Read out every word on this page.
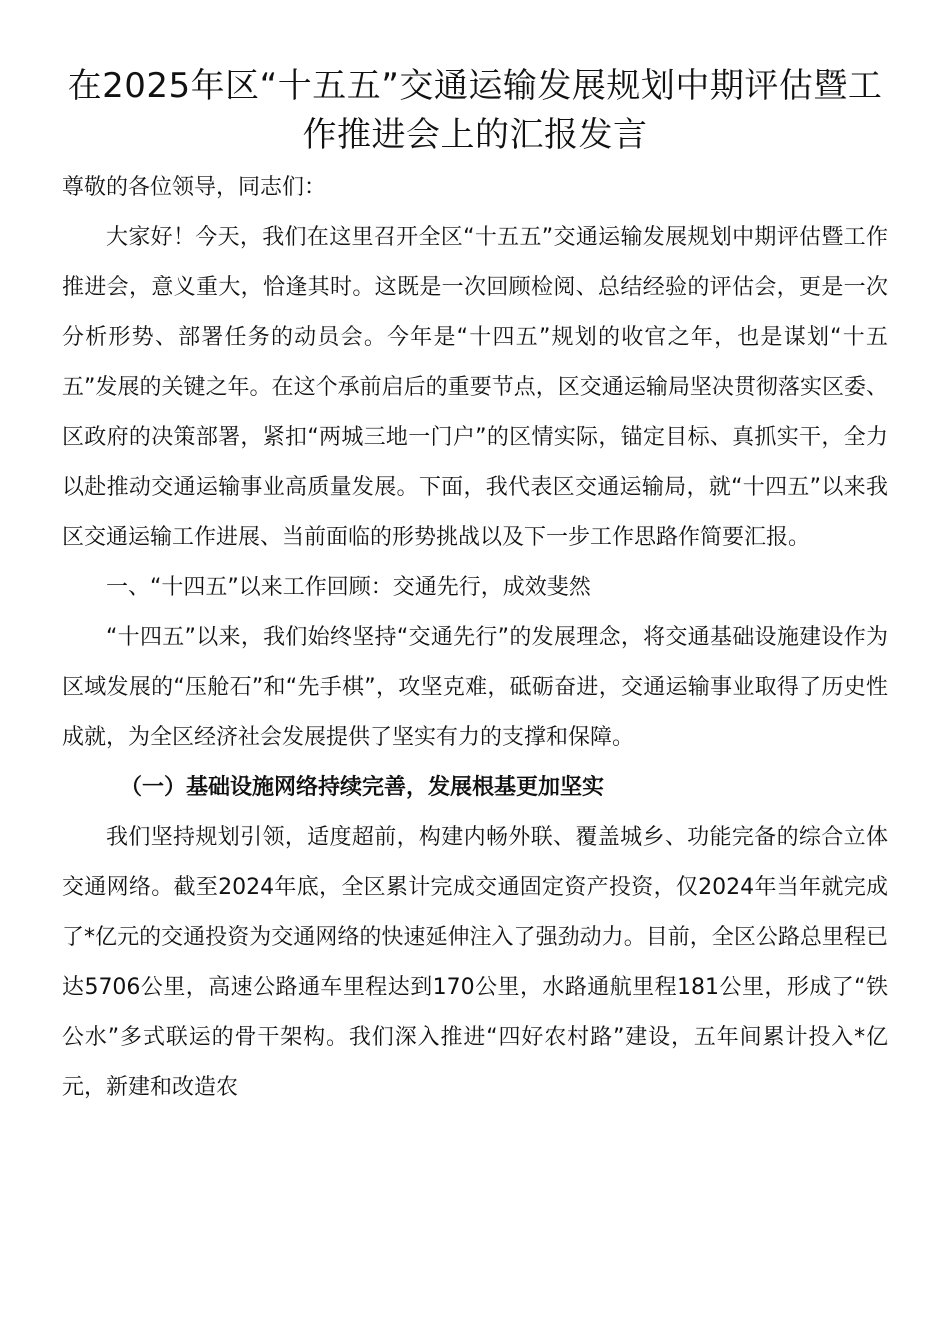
在2025年区“十五五”交通运输发展规划中期评估暨工作推进会上的汇报发言

尊敬的各位领导，同志们：

大家好！今天，我们在这里召开全区“十五五”交通运输发展规划中期评估暨工作推进会，意义重大，恰逢其时。这既是一次回顾检阅、总结经验的评估会，更是一次分析形势、部署任务的动员会。今年是“十四五”规划的收官之年，也是谋划“十五五”发展的关键之年。在这个承前启后的重要节点，区交通运输局坚决贯彻落实区委、区政府的决策部署，紧扣“两城三地一门户”的区情实际，锚定目标、真抓实干，全力以赴推动交通运输事业高质量发展。下面，我代表区交通运输局，就“十四五”以来我区交通运输工作进展、当前面临的形势挑战以及下一步工作思路作简要汇报。

一、“十四五”以来工作回顾：交通先行，成效斐然

“十四五”以来，我们始终坚持“交通先行”的发展理念，将交通基础设施建设作为区域发展的“压舱石”和“先手棋”，攻坚克难，砥砺奋进，交通运输事业取得了历史性成就，为全区经济社会发展提供了坚实有力的支撑和保障。

（一）基础设施网络持续完善，发展根基更加坚实

我们坚持规划引领，适度超前，构建内畅外联、覆盖城乡、功能完备的综合立体交通网络。截至2024年底，全区累计完成交通固定资产投资，仅2024年当年就完成了*亿元的交通投资为交通网络的快速延伸注入了强劲动力。目前，全区公路总里程已达5706公里，高速公路通车里程达到170公里，水路通航里程181公里，形成了“铁公水”多式联运的骨干架构。我们深入推进“四好农村路”建设，五年间累计投入*亿元，新建和改造农
